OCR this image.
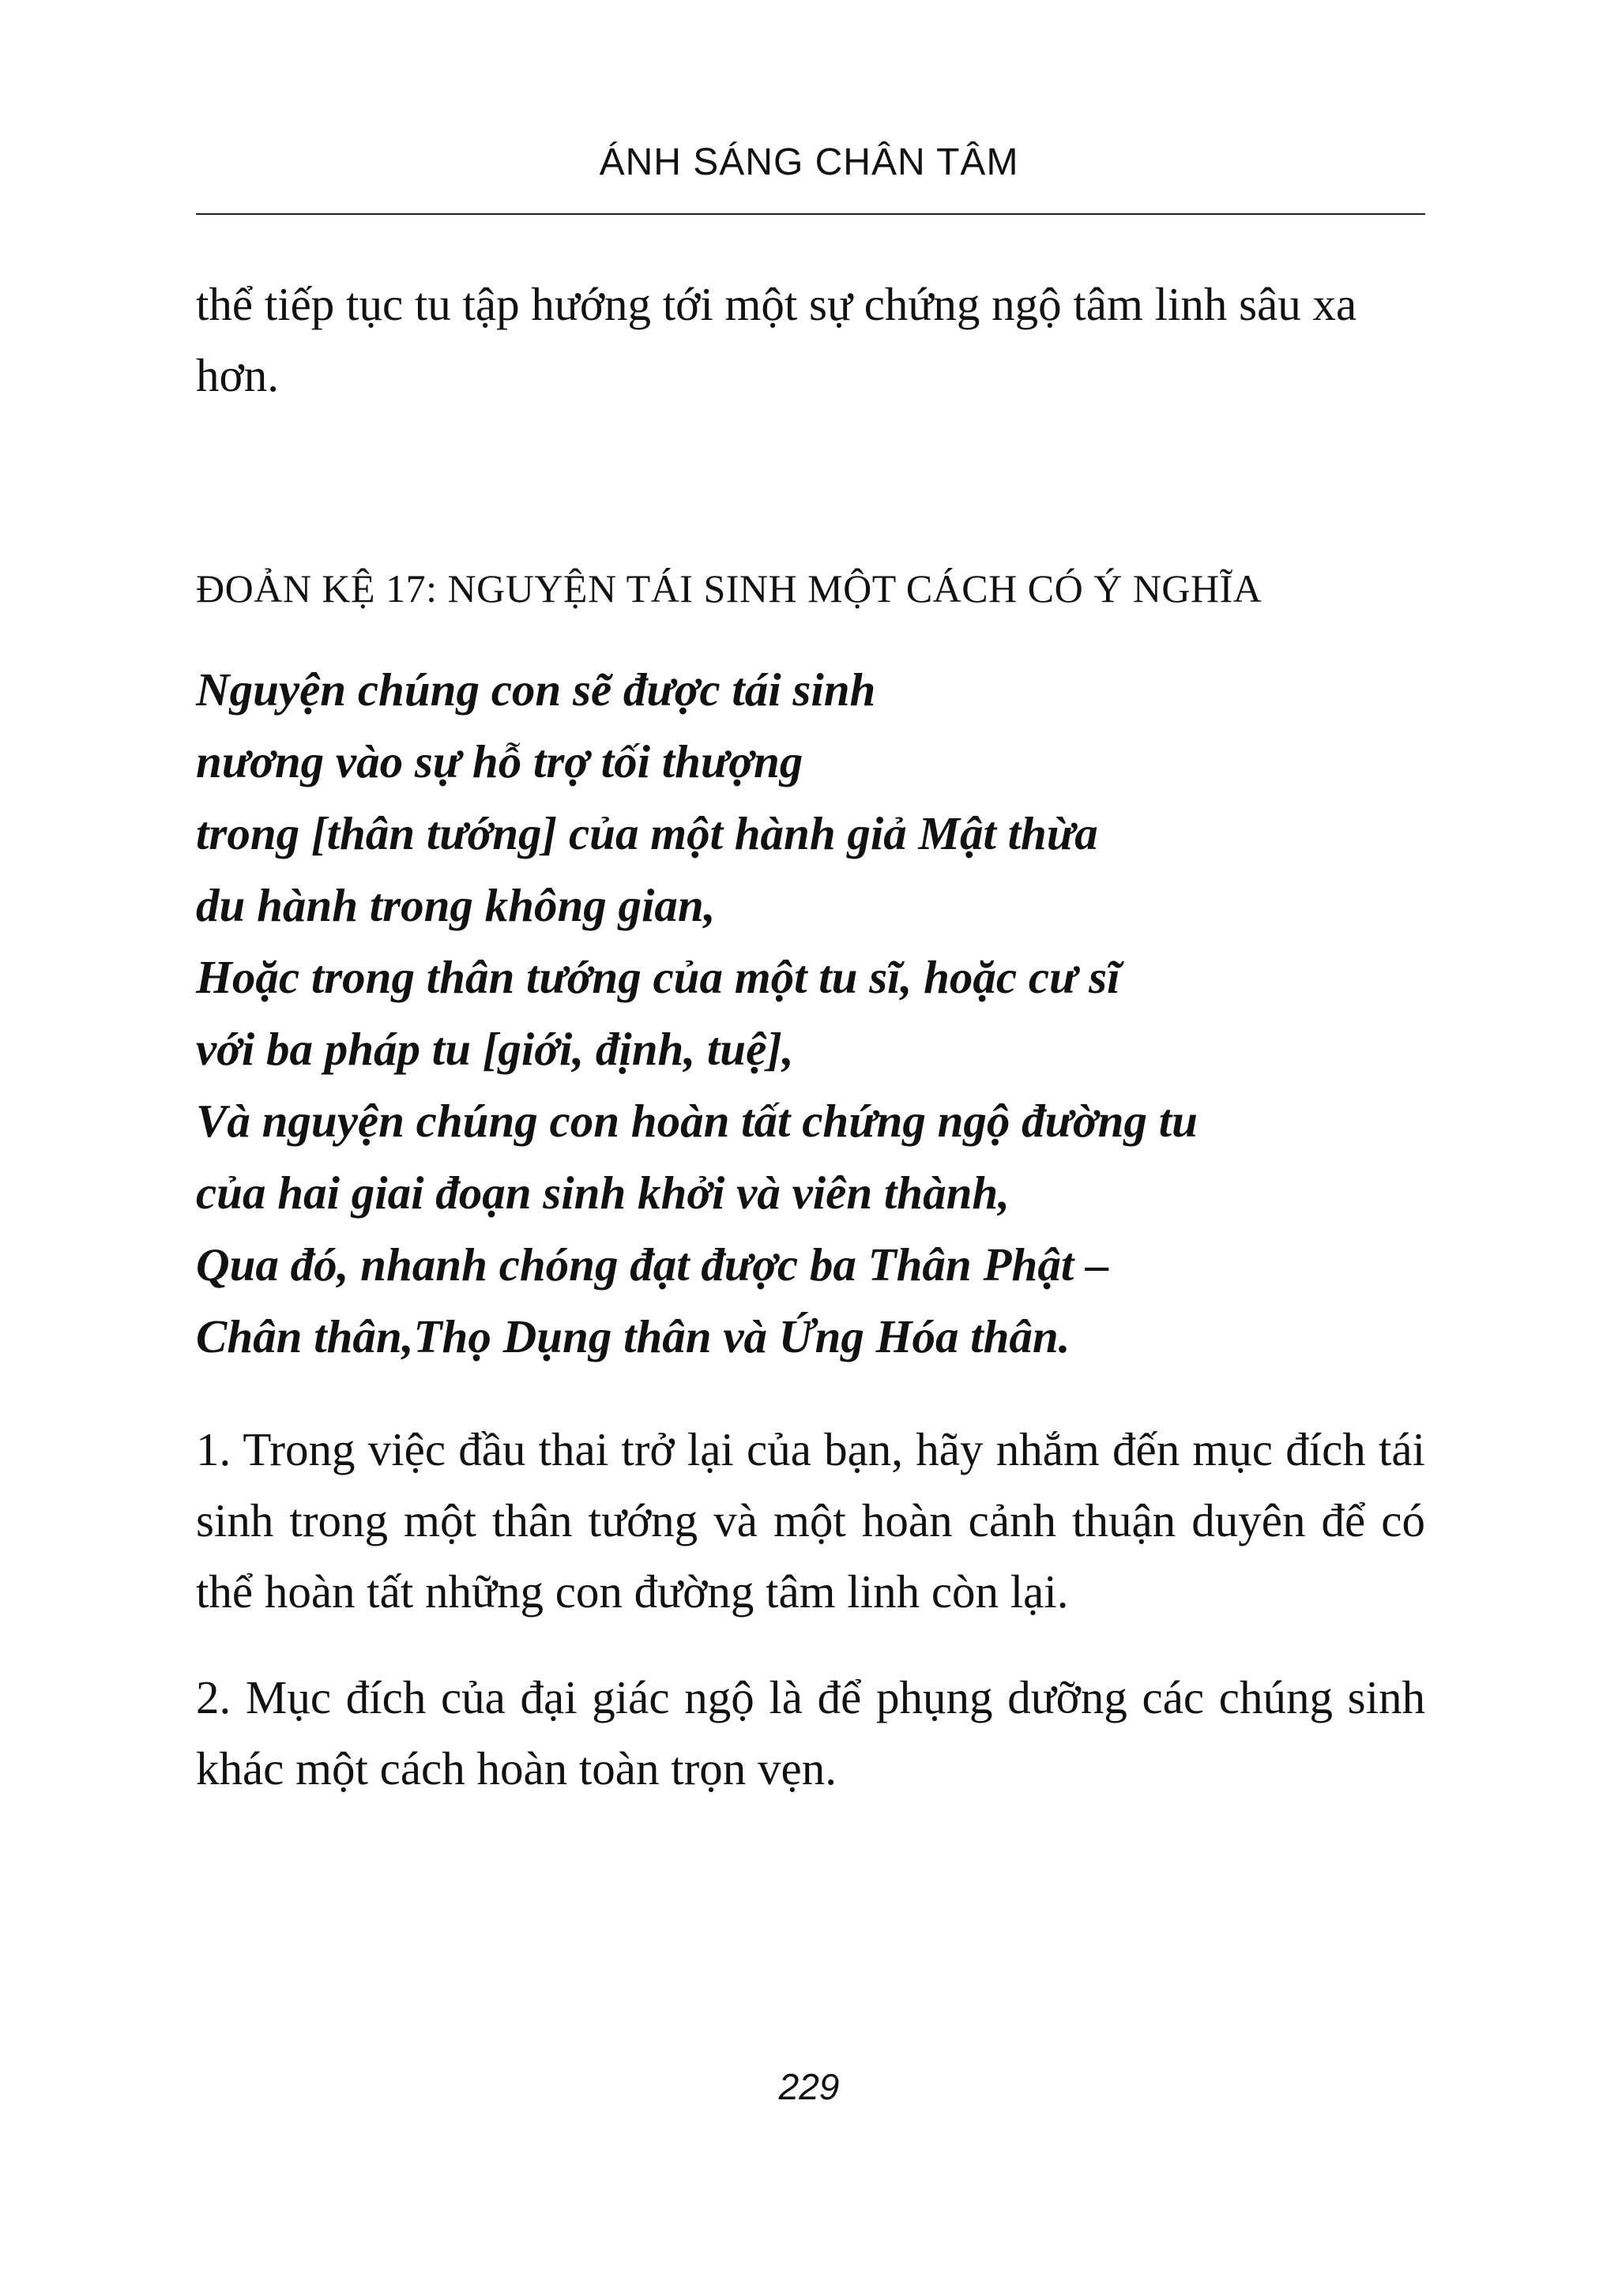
ÁNH SÁNG CHÂN TÂM

thể tiếp tục tu tập hướng tới một sự chứng ngộ tâm linh sâu xa hơn.

ĐOẢN KỆ 17: NGUYỆN TÁI SINH MỘT CÁCH CÓ Ý NGHĨA
Nguyện chúng con sẽ được tái sinh
nương vào sự hỗ trợ tối thượng
trong [thân tướng] của một hành giả Mật thừa
du hành trong không gian,
Hoặc trong thân tướng của một tu sĩ, hoặc cư sĩ
với ba pháp tu [giới, định, tuệ],
Và nguyện chúng con hoàn tất chứng ngộ đường tu
của hai giai đoạn sinh khởi và viên thành,
Qua đó, nhanh chóng đạt được ba Thân Phật –
Chân thân,Thọ Dụng thân và Ứng Hóa thân.

1. Trong việc đầu thai trở lại của bạn, hãy nhắm đến mục đích tái sinh trong một thân tướng và một hoàn cảnh thuận duyên để có thể hoàn tất những con đường tâm linh còn lại.

2. Mục đích của đại giác ngộ là để phụng dưỡng các chúng sinh khác một cách hoàn toàn trọn vẹn.

229
